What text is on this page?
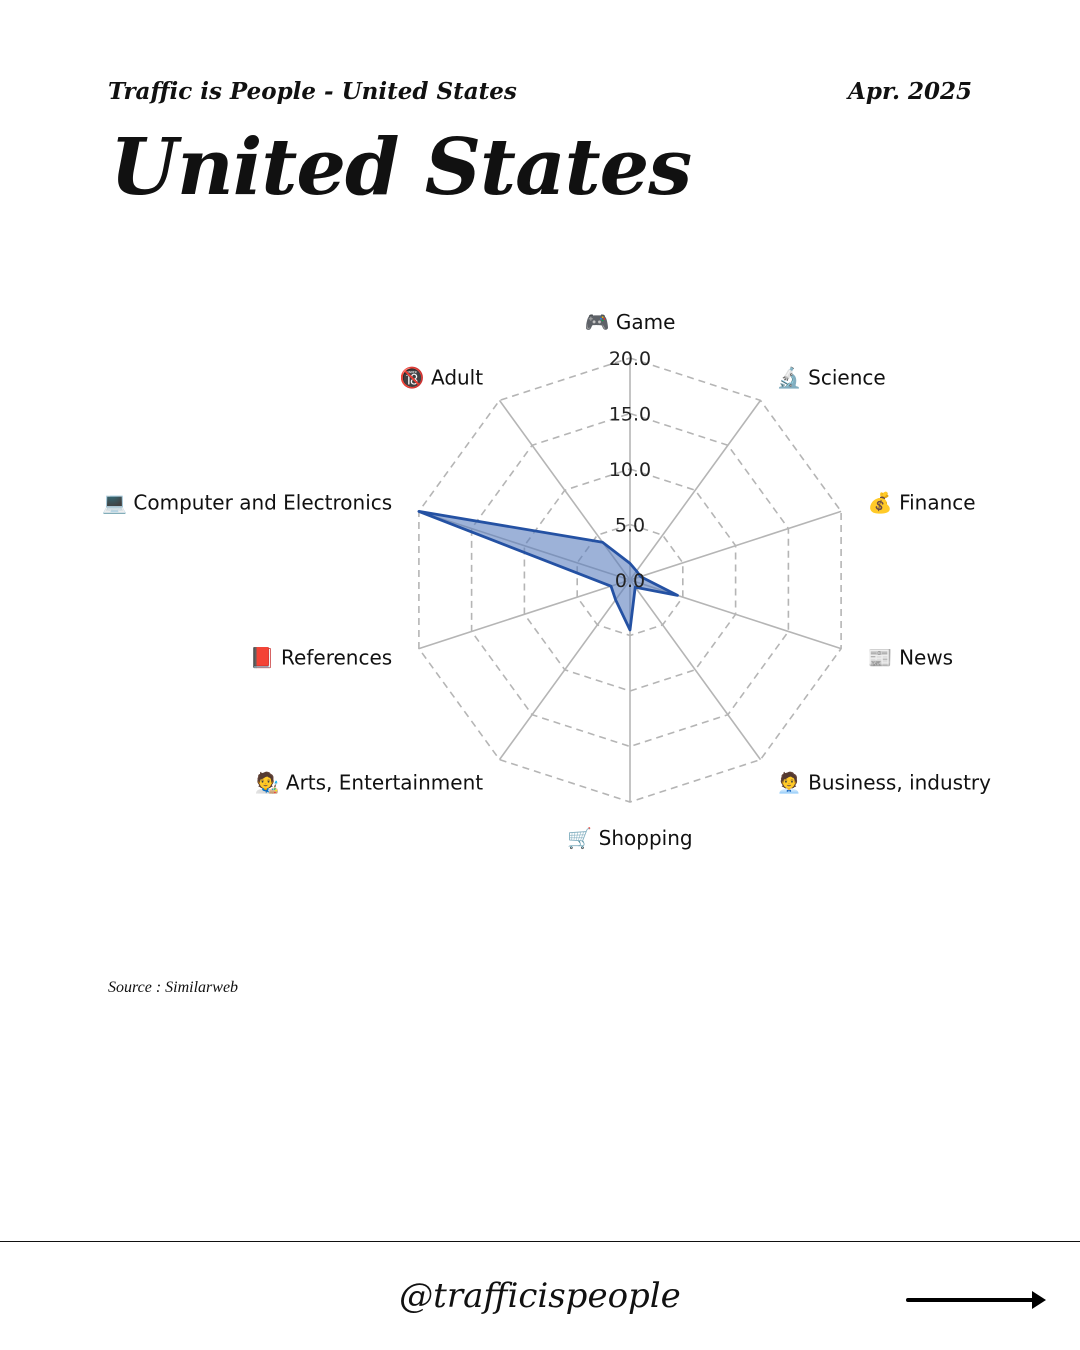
Traffic is People - United States	Apr. 2025
United States
0.0
5.0
10.0
15.0
20.0
🎮 Game
🔬 Science
💰 Finance
📰 News
🧑‍💼 Business, industry
🛒 Shopping
🧑‍🎨 Arts, Entertainment
📕 References
💻 Computer and Electronics
🔞 Adult
Source : Similarweb
@trafficispeople
